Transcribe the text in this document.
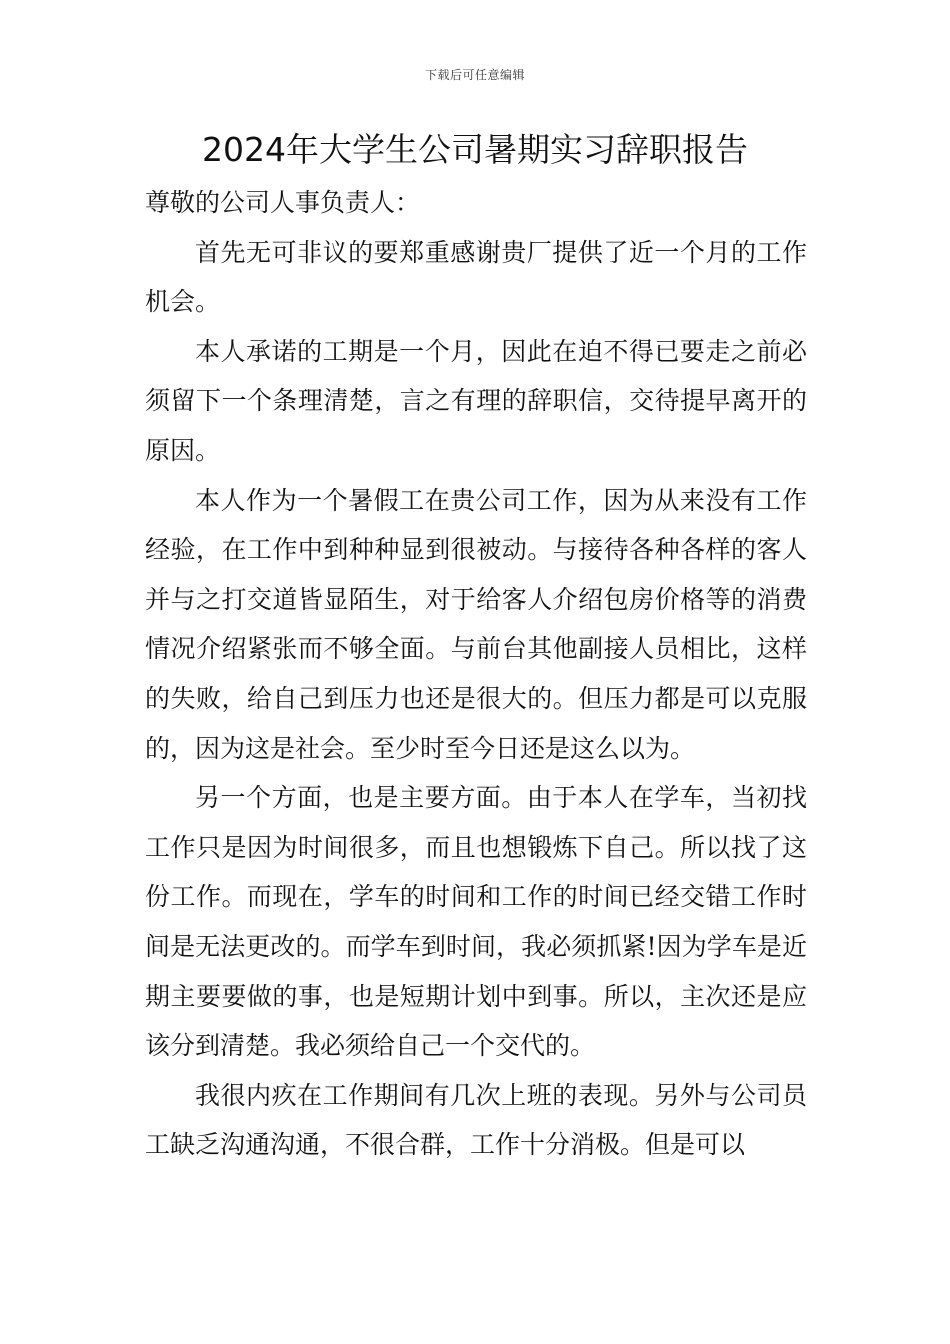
下载后可任意编辑
2024年大学生公司暑期实习辞职报告

尊敬的公司人事负责人：

首先无可非议的要郑重感谢贵厂提供了近一个月的工作机会。

本人承诺的工期是一个月，因此在迫不得已要走之前必须留下一个条理清楚，言之有理的辞职信，交待提早离开的原因。

本人作为一个暑假工在贵公司工作，因为从来没有工作经验，在工作中到种种显到很被动。与接待各种各样的客人并与之打交道皆显陌生，对于给客人介绍包房价格等的消费情况介绍紧张而不够全面。与前台其他副接人员相比，这样的失败，给自己到压力也还是很大的。但压力都是可以克服的，因为这是社会。至少时至今日还是这么以为。

另一个方面，也是主要方面。由于本人在学车，当初找工作只是因为时间很多，而且也想锻炼下自己。所以找了这份工作。而现在，学车的时间和工作的时间已经交错工作时间是无法更改的。而学车到时间，我必须抓紧!因为学车是近期主要要做的事，也是短期计划中到事。所以，主次还是应该分到清楚。我必须给自己一个交代的。

我很内疚在工作期间有几次上班的表现。另外与公司员工缺乏沟通沟通，不很合群，工作十分消极。但是可以
